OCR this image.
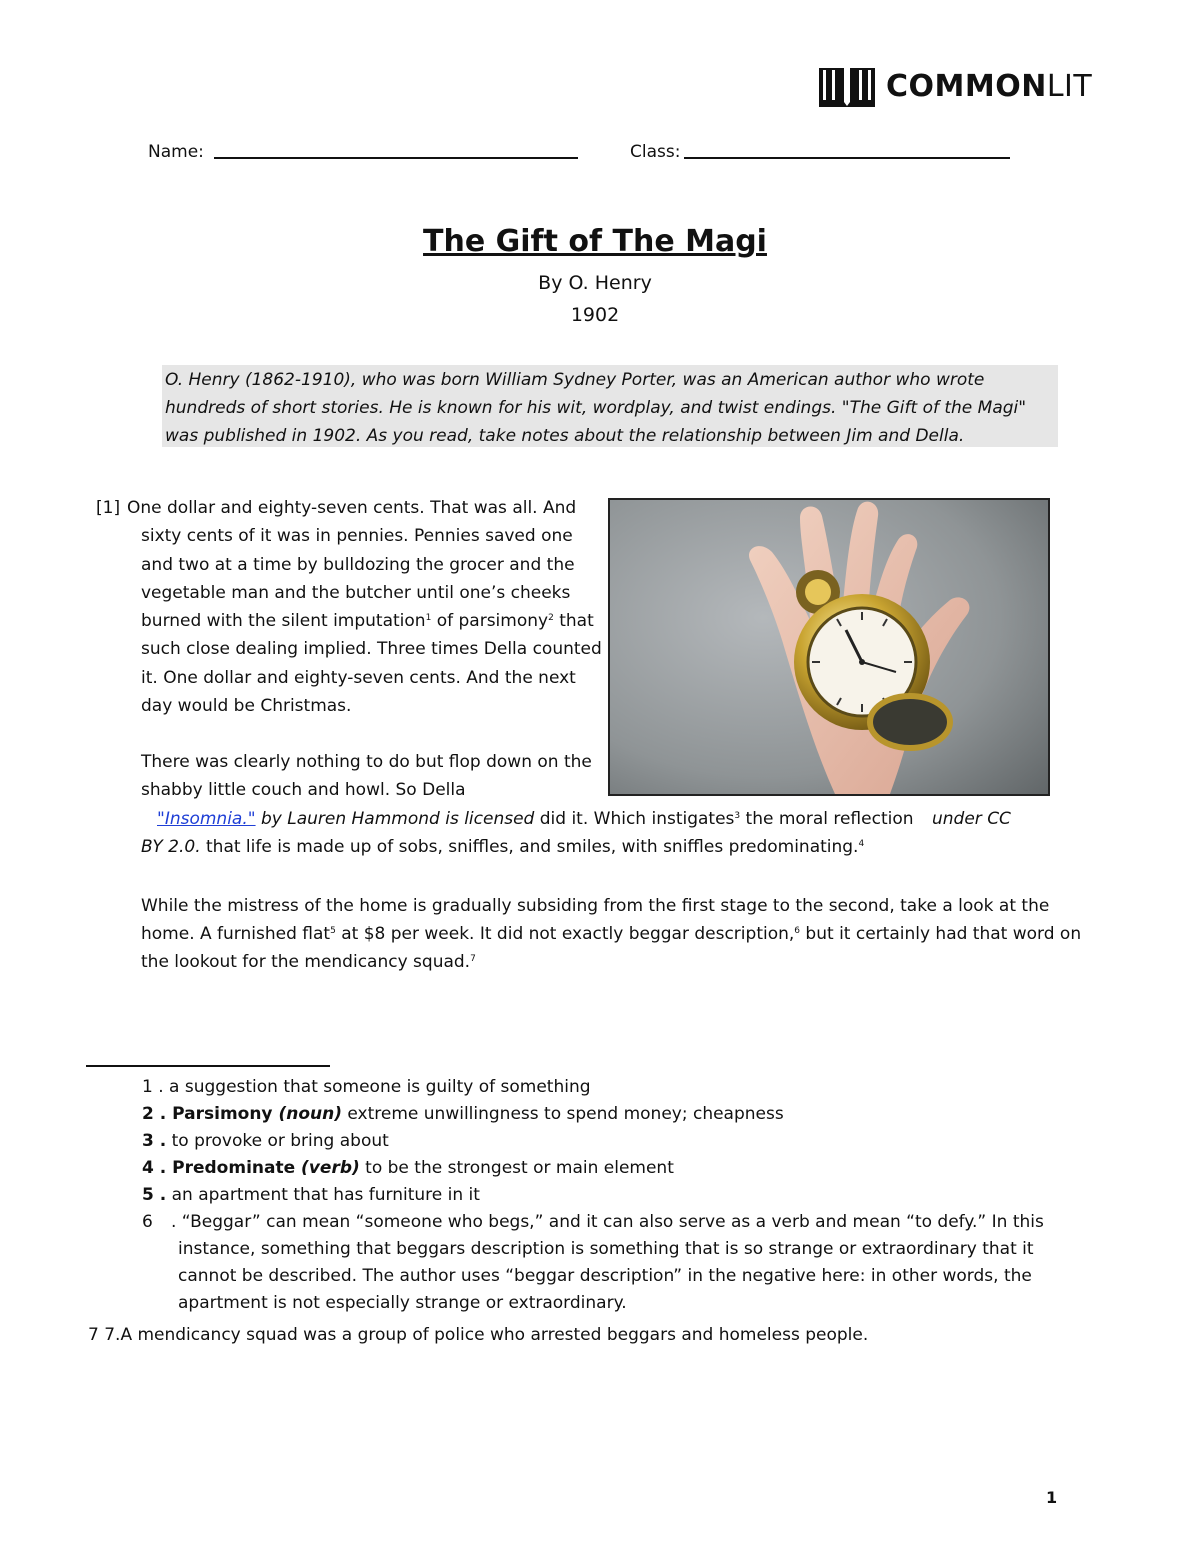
COMMONLIT
Name:	Class:
The Gift of The Magi
By O. Henry
1902
O. Henry (1862-1910), who was born William Sydney Porter, was an American author who wrote hundreds of short stories. He is known for his wit, wordplay, and twist endings. "The Gift of the Magi" was published in 1902. As you read, take notes about the relationship between Jim and Della.
[1] One dollar and eighty-seven cents. That was all. And
sixty cents of it was in pennies. Pennies saved one
and two at a time by bulldozing the grocer and the
vegetable man and the butcher until one’s cheeks
burned with the silent imputation$^1$ of parsimony$^2$ that
such close dealing implied. Three times Della counted
it. One dollar and eighty-seven cents. And the next
day would be Christmas.
There was clearly nothing to do but flop down on the
shabby little couch and howl. So Della
"Insomnia." by Lauren Hammond is licensed did it. Which instigates$^3$ the moral reflection under CC
BY 2.0. that life is made up of sobs, sniffles, and smiles, with sniffles predominating.$^4$
While the mistress of the home is gradually subsiding from the first stage to the second, take a look at the
home. A furnished flat$^5$ at $8 per week. It did not exactly beggar description,$^6$ but it certainly had that word on
the lookout for the mendicancy squad.$^7$
1 . a suggestion that someone is guilty of something
2 . Parsimony (noun) extreme unwillingness to spend money; cheapness
3 . to provoke or bring about
4 . Predominate (verb) to be the strongest or main element
5 . an apartment that has furniture in it
6 . “Beggar” can mean “someone who begs,” and it can also serve as a verb and mean “to defy.” In this
instance, something that beggars description is something that is so strange or extraordinary that it
cannot be described. The author uses “beggar description” in the negative here: in other words, the
apartment is not especially strange or extraordinary.
7 7.A mendicancy squad was a group of police who arrested beggars and homeless people.
1
